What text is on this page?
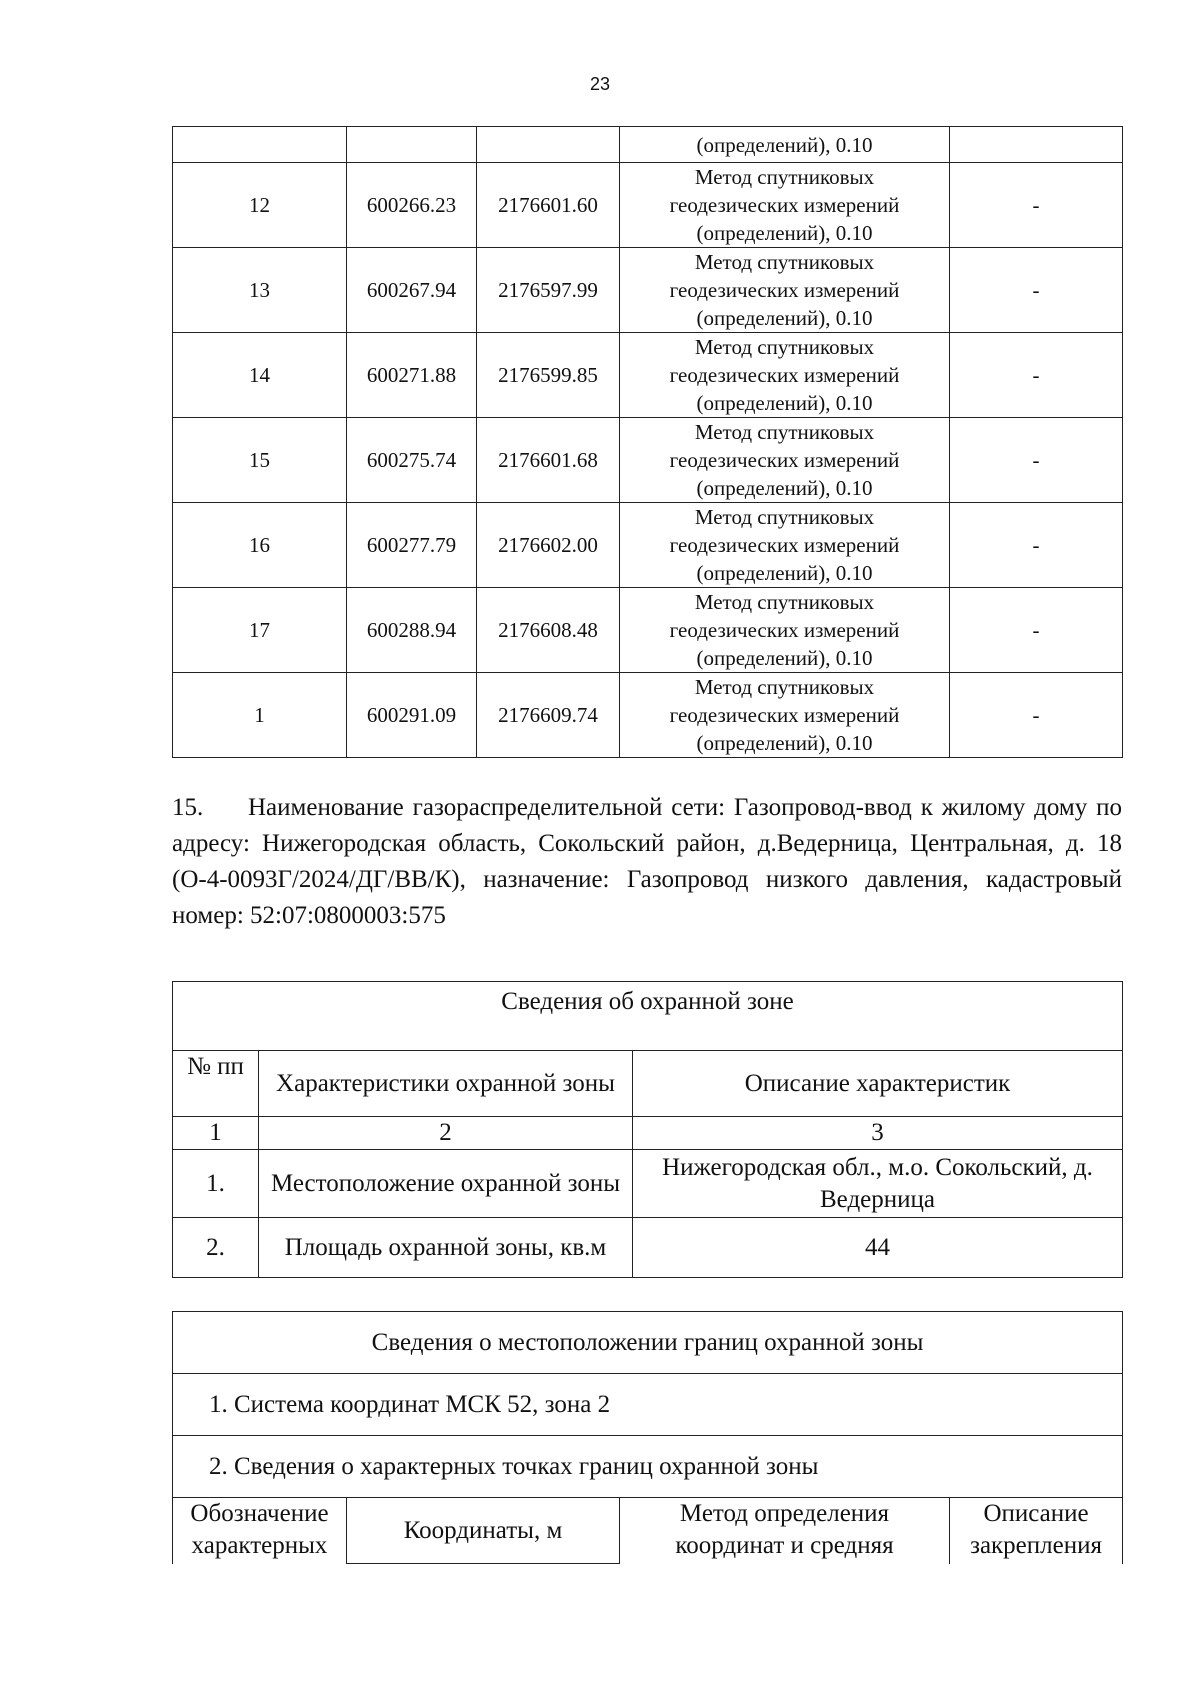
23
			(определений), 0.10	
12	600266.23	2176601.60	Метод спутниковых
геодезических измерений
(определений), 0.10	-
13	600267.94	2176597.99	Метод спутниковых
геодезических измерений
(определений), 0.10	-
14	600271.88	2176599.85	Метод спутниковых
геодезических измерений
(определений), 0.10	-
15	600275.74	2176601.68	Метод спутниковых
геодезических измерений
(определений), 0.10	-
16	600277.79	2176602.00	Метод спутниковых
геодезических измерений
(определений), 0.10	-
17	600288.94	2176608.48	Метод спутниковых
геодезических измерений
(определений), 0.10	-
1	600291.09	2176609.74	Метод спутниковых
геодезических измерений
(определений), 0.10	-
15. Наименование газораспределительной сети: Газопровод-ввод к жилому дому по адресу: Нижегородская область, Сокольский район, д.Ведерница, Центральная, д. 18 (О-4-0093Г/2024/ДГ/ВВ/К), назначение: Газопровод низкого давления, кадастровый номер: 52:07:0800003:575
Сведения об охранной зоне		
№ пп	Характеристики охранной зоны	Описание характеристик
1	2	3
1.	Местоположение охранной зоны	Нижегородская обл., м.о. Сокольский, д. Ведерница
2.	Площадь охранной зоны, кв.м	44
Сведения о местоположении границ охранной зоны
1. Система координат МСК 52, зона 2
2. Сведения о характерных точках границ охранной зоны
Обозначение характерных	Координаты, м	Метод определения координат и средняя	Описание закрепления
